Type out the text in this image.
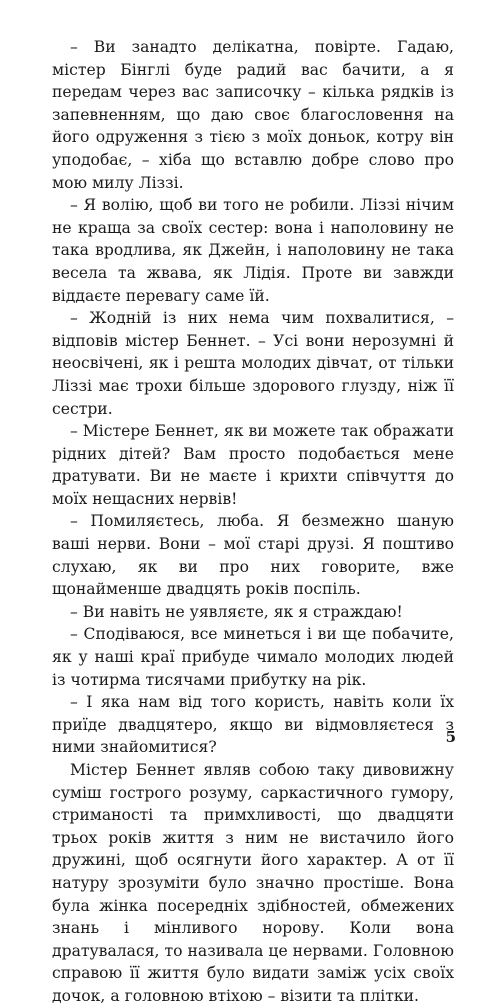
– Ви занадто делікатна, повірте. Гадаю, містер Бінглі буде радий вас бачити, а я передам через вас записочку – кілька рядків із запевненням, що даю своє благословення на його одруження з тією з моїх доньок, котру він уподобає, – хіба що вставлю добре слово про мою милу Ліззі.

– Я волію, щоб ви того не робили. Ліззі нічим не краща за своїх сестер: вона і наполовину не така вродлива, як Джейн, і наполовину не така весела та жвава, як Лідія. Проте ви завжди віддаєте перевагу саме їй.

– Жодній із них нема чим похвалитися, – відповів містер Беннет. – Усі вони нерозумні й неосвічені, як і решта молодих дівчат, от тільки Ліззі має трохи більше здорового глузду, ніж її сестри.

– Містере Беннет, як ви можете так ображати рідних дітей? Вам просто подобається мене дратувати. Ви не маєте і крихти співчуття до моїх нещасних нервів!

– Помиляєтесь, люба. Я безмежно шаную ваші нерви. Вони – мої старі друзі. Я поштиво слухаю, як ви про них говорите, вже щонайменше двадцять років поспіль.

– Ви навіть не уявляєте, як я страждаю!

– Сподіваюся, все минеться і ви ще побачите, як у наші краї прибуде чимало молодих людей із чотирма тисячами прибутку на рік.

– І яка нам від того користь, навіть коли їх приїде двадцятеро, якщо ви відмовляєтеся з ними знайомитися?

Містер Беннет являв собою таку дивовижну суміш гострого розуму, саркастичного гумору, стриманості та примхливості, що двадцяти трьох років життя з ним не вистачило його дружині, щоб осягнути його характер. А от її натуру зрозуміти було значно простіше. Вона була жінка посередніх здібностей, обмежених знань і мінливого норову. Коли вона дратувалася, то називала це нервами. Головною справою її життя було видати заміж усіх своїх дочок, а головною втіхою – візити та плітки.

5
